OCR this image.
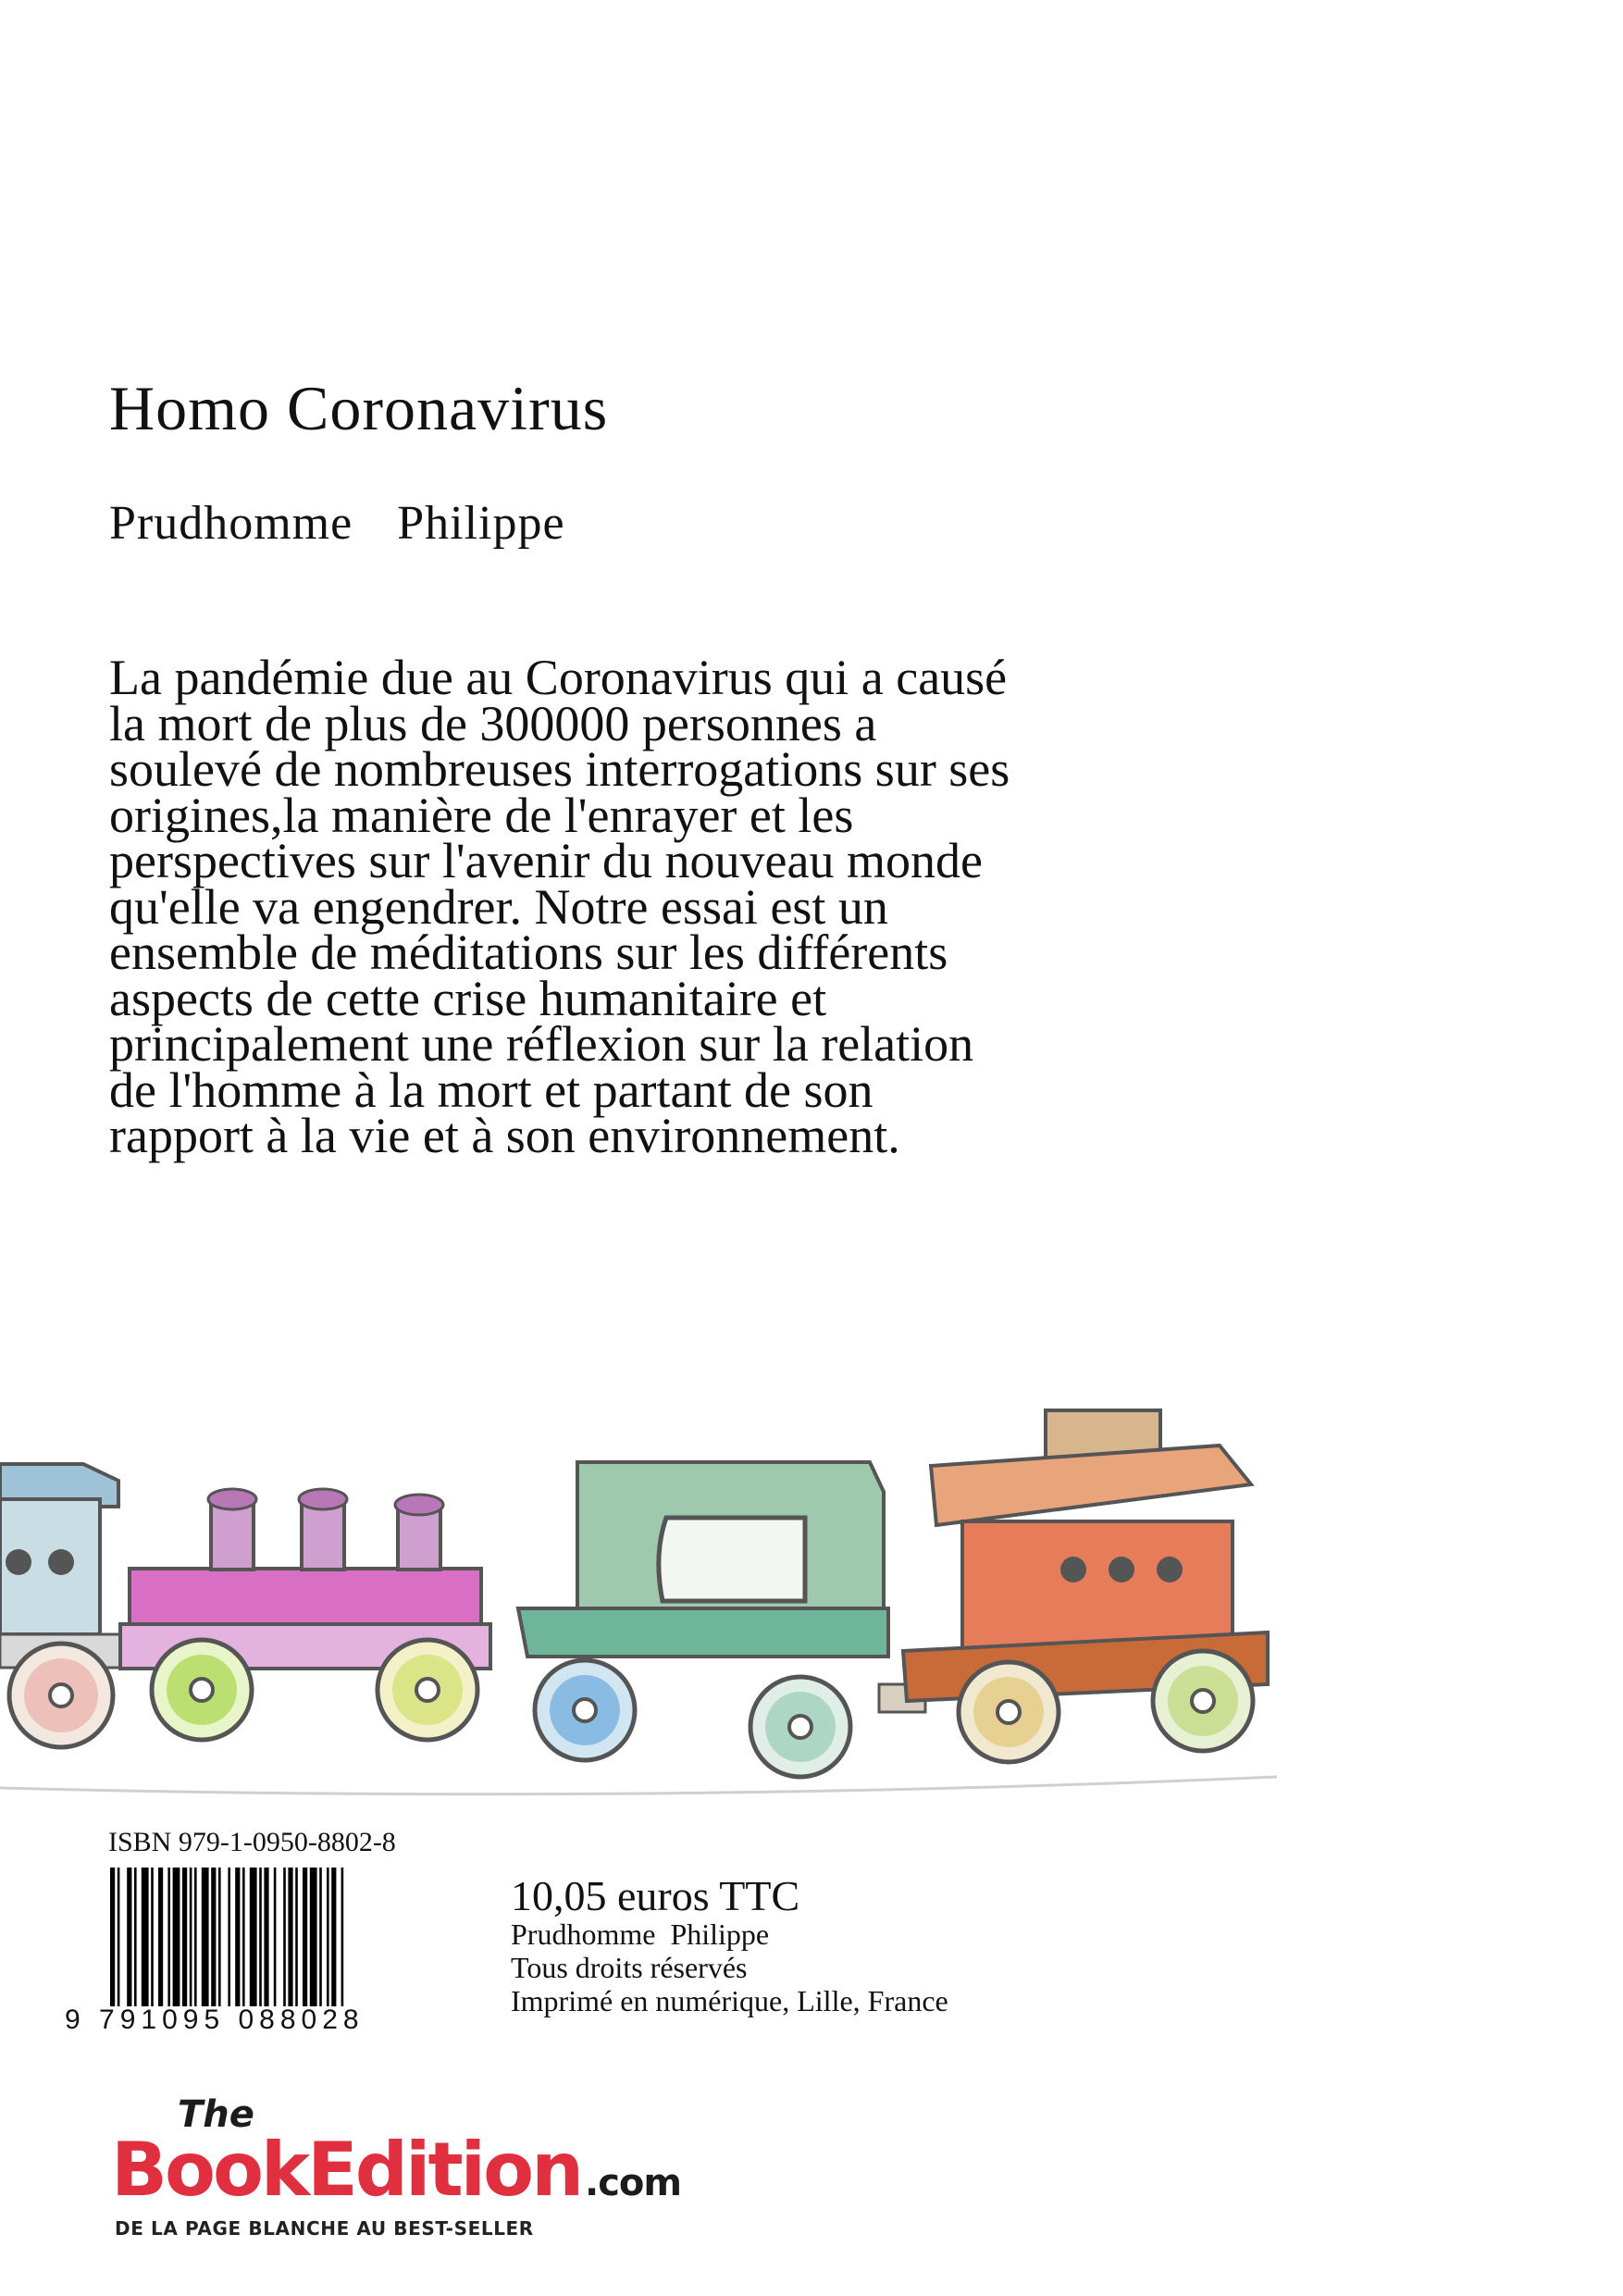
Homo Coronavirus
Prudhomme  Philippe

La pandémie due au Coronavirus qui a causé
la mort de plus de 300000 personnes a
soulevé de nombreuses interrogations sur ses
origines,la manière de l'enrayer et les
perspectives sur l'avenir du nouveau monde
qu'elle va engendrer. Notre essai est un
ensemble de méditations sur les différents
aspects de cette crise humanitaire et
principalement une réflexion sur la relation
de l'homme à la mort et partant de son
rapport à la vie et à son environnement.

ISBN 979-1-0950-8802-8
9 791095 088028
10,05 euros TTC
Prudhomme  Philippe
Tous droits réservés
Imprimé en numérique, Lille, France
The
BookEdition .com
DE LA PAGE BLANCHE AU BEST-SELLER
